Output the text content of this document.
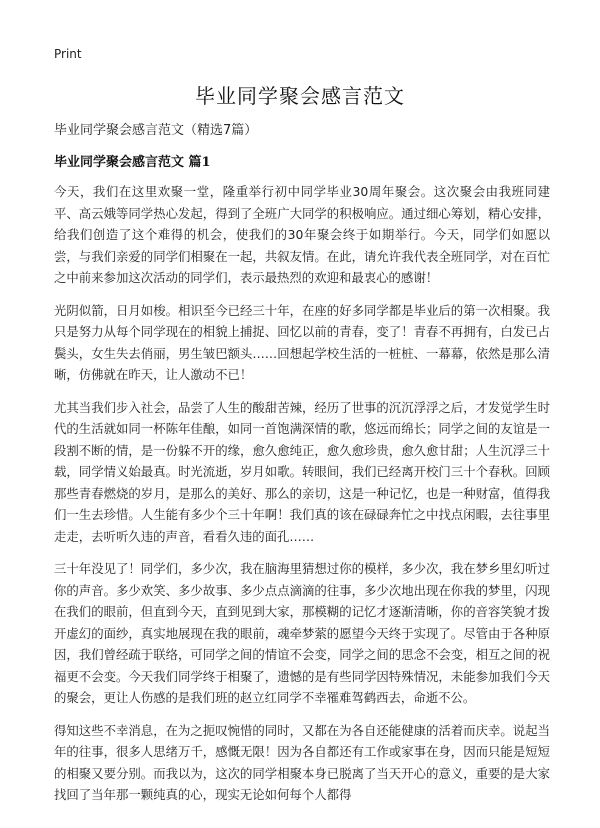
Print
毕业同学聚会感言范文
毕业同学聚会感言范文（精选7篇）
毕业同学聚会感言范文 篇1

今天，我们在这里欢聚一堂，隆重举行初中同学毕业30周年聚会。这次聚会由我班同建平、高云娥等同学热心发起，得到了全班广大同学的积极响应。通过细心筹划，精心安排，给我们创造了这个难得的机会，使我们的30年聚会终于如期举行。今天，同学们如愿以尝，与我们亲爱的同学们相聚在一起，共叙友情。在此，请允许我代表全班同学，对在百忙之中前来参加这次活动的同学们，表示最热烈的欢迎和最衷心的感谢！

光阴似箭，日月如梭。相识至今已经三十年，在座的好多同学都是毕业后的第一次相聚。我只是努力从每个同学现在的相貌上捕捉、回忆以前的青春，变了！青春不再拥有，白发已占鬓头，女生失去俏丽，男生皱巴额头……回想起学校生活的一桩桩、一幕幕，依然是那么清晰，仿佛就在昨天，让人激动不已！

尤其当我们步入社会，品尝了人生的酸甜苦辣，经历了世事的沉沉浮浮之后，才发觉学生时代的生活就如同一杯陈年佳酿，如同一首饱满深情的歌，悠远而绵长；同学之间的友谊是一段割不断的情，是一份躲不开的缘，愈久愈纯正，愈久愈珍贵，愈久愈甘甜；人生沉浮三十载，同学情义始最真。时光流逝，岁月如歌。转眼间，我们已经离开校门三十个春秋。回顾那些青春燃烧的岁月，是那么的美好、那么的亲切，这是一种记忆，也是一种财富，值得我们一生去珍惜。人生能有多少个三十年啊！我们真的该在碌碌奔忙之中找点闲暇，去往事里走走，去听听久违的声音，看看久违的面孔……

三十年没见了！同学们，多少次，我在脑海里猜想过你的模样，多少次，我在梦乡里幻听过你的声音。多少欢笑、多少故事、多少点点滴滴的往事，多少次地出现在你我的梦里，闪现在我们的眼前，但直到今天，直到见到大家，那模糊的记忆才逐渐清晰，你的音容笑貌才拨开虚幻的面纱，真实地展现在我的眼前，魂牵梦萦的愿望今天终于实现了。尽管由于各种原因，我们曾经疏于联络，可同学之间的情谊不会变，同学之间的思念不会变，相互之间的祝福更不会变。今天我们同学终于相聚了，遗憾的是有些同学因特殊情况，未能参加我们今天的聚会，更让人伤感的是我们班的赵立红同学不幸罹难驾鹤西去，命逝不公。

得知这些不幸消息，在为之扼叹惋惜的同时，又都在为各自还能健康的活着而庆幸。说起当年的往事，很多人思绪万千，感慨无限！因为各自都还有工作或家事在身，因而只能是短短的相聚又要分别。而我以为，这次的同学相聚本身已脱离了当天开心的意义，重要的是大家找回了当年那一颗纯真的心，现实无论如何每个人都得
